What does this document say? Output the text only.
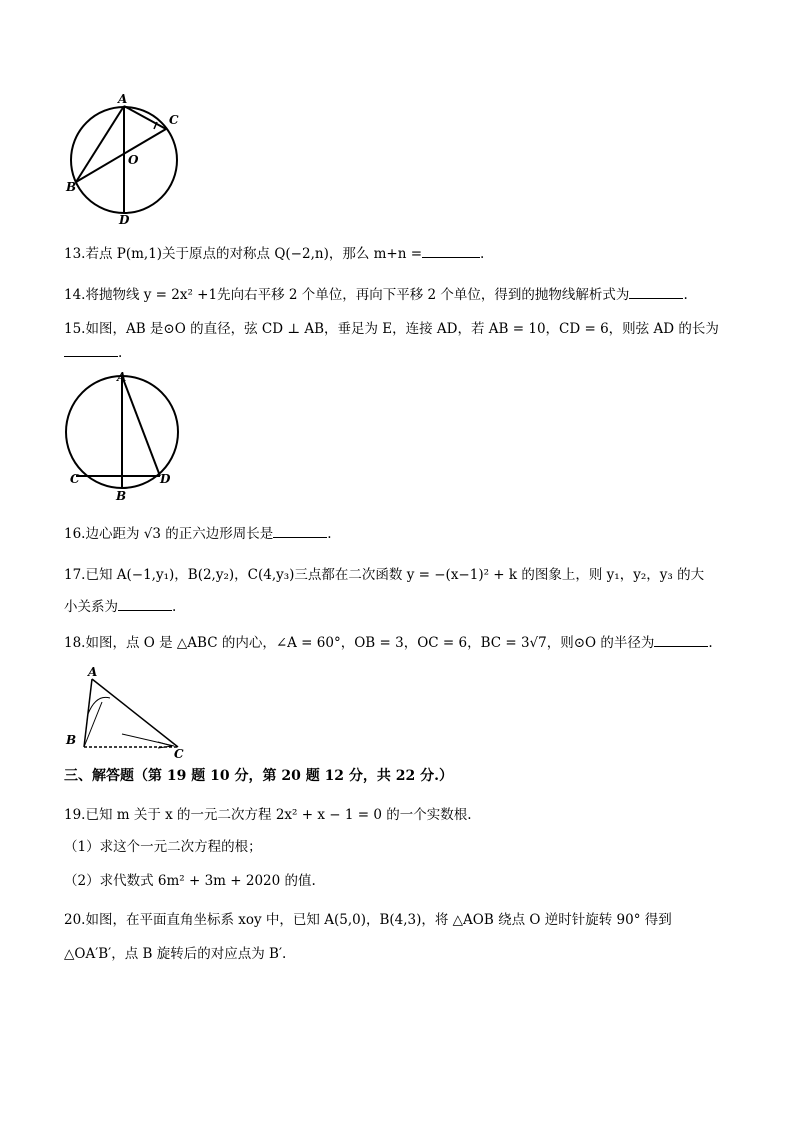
A
C
O
B
D
13.若点 P(m,1)关于原点的对称点 Q(−2,n)，那么 m+n =	.
14.将抛物线 y = 2x² +1先向右平移 2 个单位，再向下平移 2 个单位，得到的抛物线解析式为	.
15.如图，AB 是⊙O 的直径，弦 CD ⊥ AB，垂足为 E，连接 AD，若 AB = 10，CD = 6，则弦 AD 的长为
.
A
C	D
B
16.边心距为 √3 的正六边形周长是	.
17.已知 A(−1,y₁)，B(2,y₂)，C(4,y₃)三点都在二次函数 y = −(x−1)² + k 的图象上，则 y₁，y₂，y₃ 的大
小关系为	.
18.如图，点 O 是 △ABC 的内心，∠A = 60°，OB = 3，OC = 6，BC = 3√7，则⊙O 的半径为	.
A
B
C
三、解答题（第 19 题 10 分，第 20 题 12 分，共 22 分.）
19.已知 m 关于 x 的一元二次方程 2x² + x − 1 = 0 的一个实数根.
（1）求这个一元二次方程的根；
（2）求代数式 6m² + 3m + 2020 的值.
20.如图，在平面直角坐标系 xoy 中，已知 A(5,0)，B(4,3)，将 △AOB 绕点 O 逆时针旋转 90° 得到
△OA′B′，点 B 旋转后的对应点为 B′.
